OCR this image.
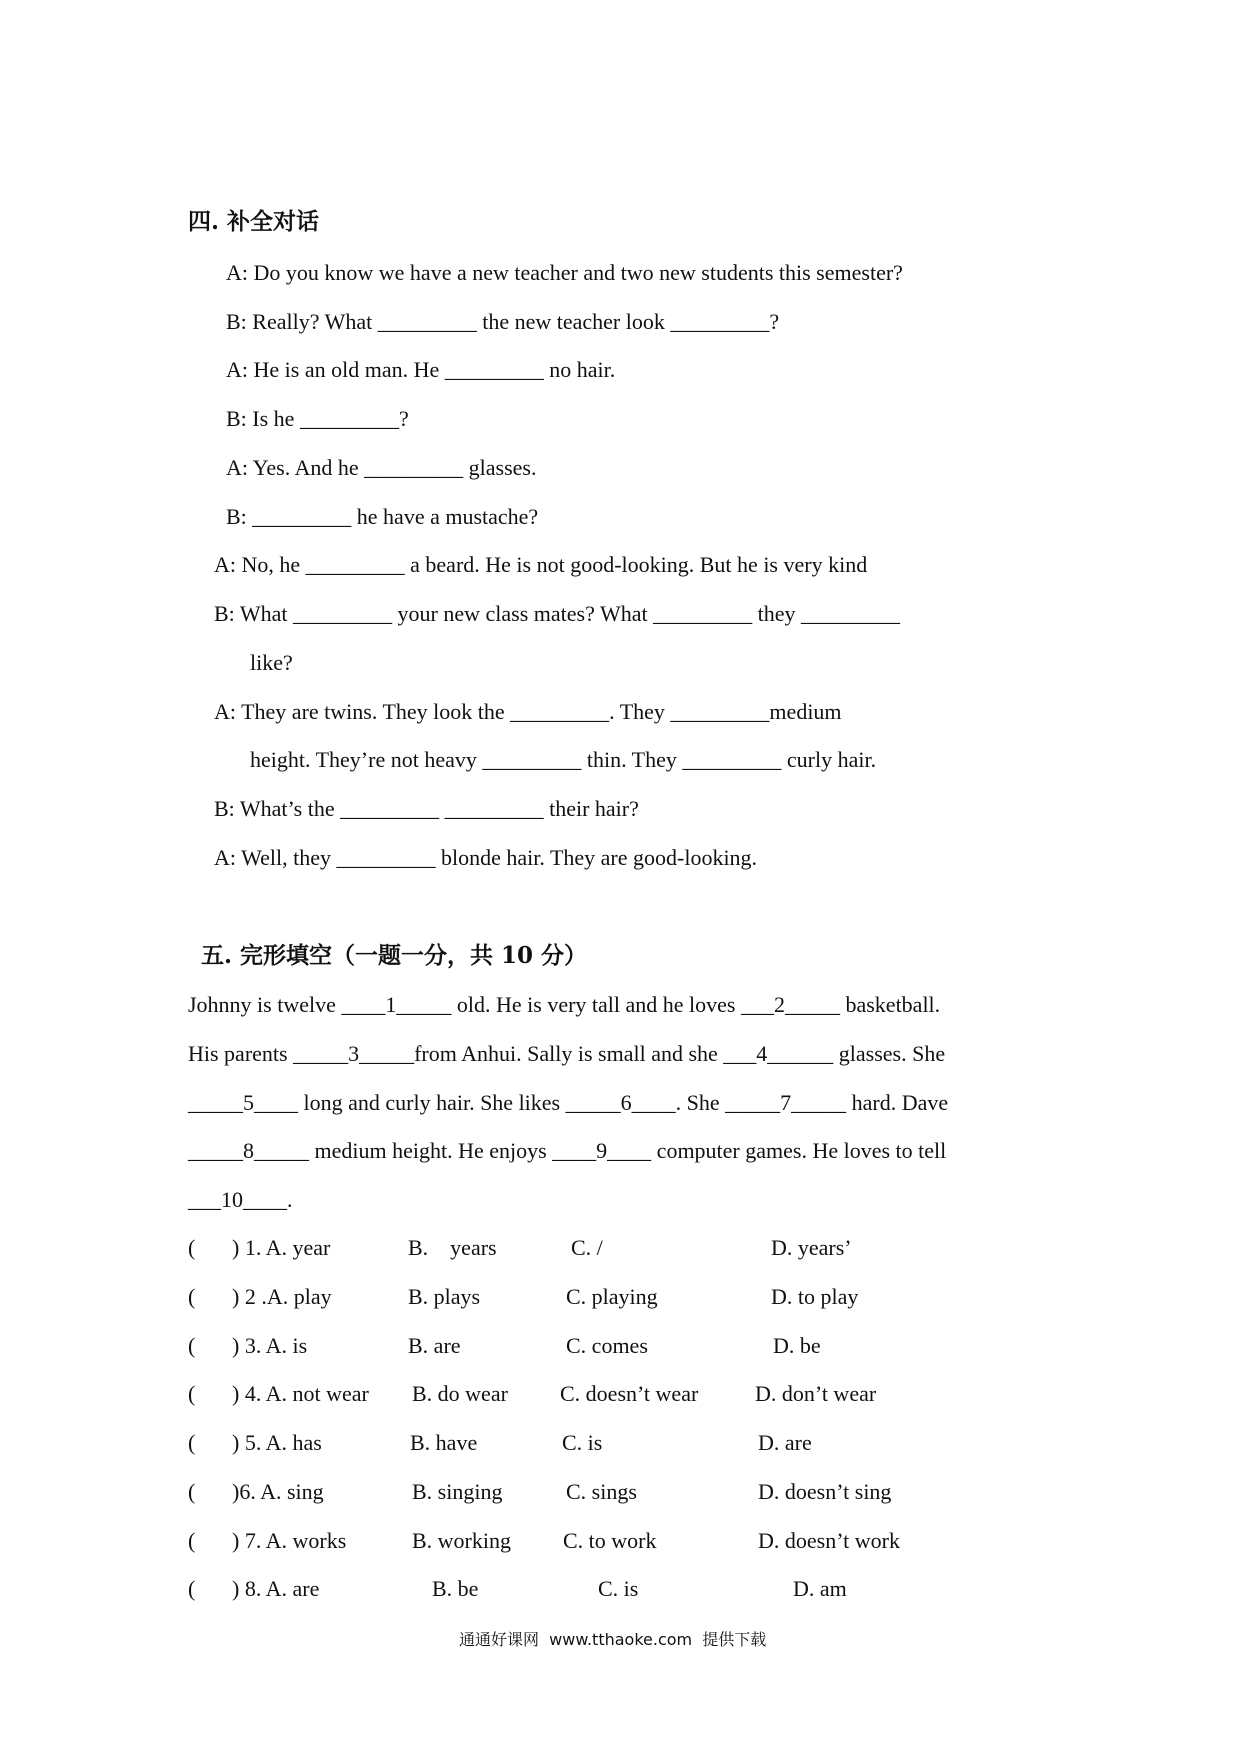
四. 补全对话
A: Do you know we have a new teacher and two new students this semester?
B: Really? What _________ the new teacher look _________?
A: He is an old man. He _________ no hair.
B: Is he _________?
A: Yes. And he _________ glasses.
B: _________ he have a mustache?
A: No, he _________ a beard. He is not good-looking. But he is very kind
B: What _________ your new class mates? What _________ they _________
like?
A: They are twins. They look the _________. They _________medium
height. They’re not heavy _________ thin. They _________ curly hair.
B: What’s the _________ _________ their hair?
A: Well, they _________ blonde hair. They are good-looking.
五. 完形填空（一题一分，共 10 分）
Johnny is twelve ____1_____ old. He is very tall and he loves ___2_____ basketball.
His parents _____3_____from Anhui. Sally is small and she ___4______ glasses. She
_____5____ long and curly hair. She likes _____6____. She _____7_____ hard. Dave
_____8_____ medium height. He enjoys ____9____ computer games. He loves to tell
___10____.
( ) 1. A. year	B.    years	C. /	D. years’
( ) 2 .A. play	B. plays	C. playing	D. to play
( ) 3. A. is	B. are	C. comes	D. be
( ) 4. A. not wear B. do wear C. doesn’t wear	D. don’t wear
( ) 5. A. has	B. have	C. is	D. are
( )6. A. sing	B. singing	C. sings	D. doesn’t sing
( ) 7. A. works	B. working C. to work	D. doesn’t work
( ) 8. A. are	B. be	C. is	D. am
通通好课网  www.tthaoke.com  提供下载
